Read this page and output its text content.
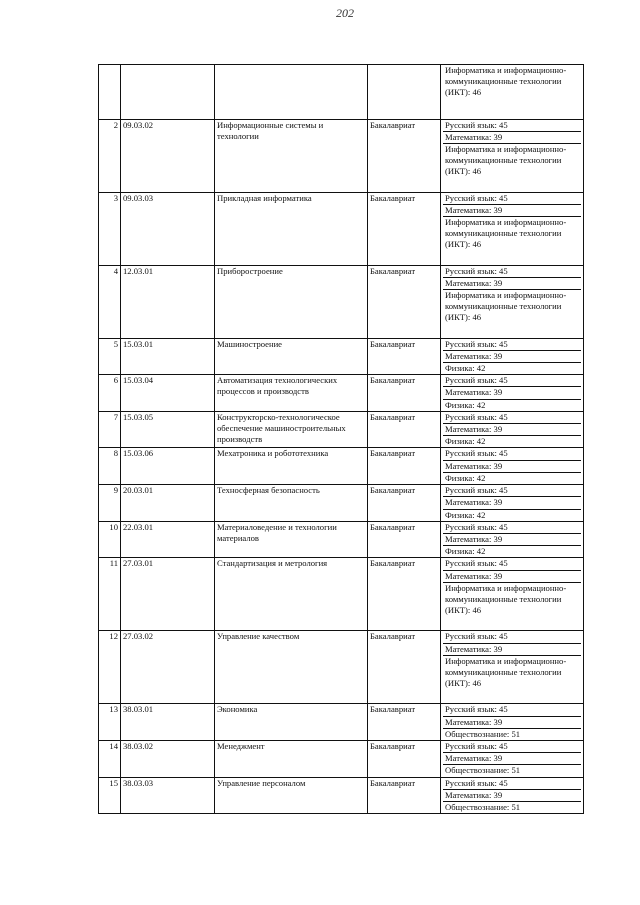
202

				Информатика и информационно-коммуникационные технологии (ИКТ): 46

2	09.03.02	Информационные системы и технологии	Бакалавриат	Русский язык: 45
Математика: 39
Информатика и информационно-коммуникационные технологии (ИКТ): 46

3	09.03.03	Прикладная информатика	Бакалавриат	Русский язык: 45
Математика: 39
Информатика и информационно-коммуникационные технологии (ИКТ): 46

4	12.03.01	Приборостроение	Бакалавриат	Русский язык: 45
Математика: 39
Информатика и информационно-коммуникационные технологии (ИКТ): 46

5	15.03.01	Машиностроение	Бакалавриат	Русский язык: 45
Математика: 39
Физика: 42

6	15.03.04	Автоматизация технологических процессов и производств	Бакалавриат	Русский язык: 45
Математика: 39
Физика: 42

7	15.03.05	Конструкторско-технологическое обеспечение машиностроительных производств	Бакалавриат	Русский язык: 45
Математика: 39
Физика: 42

8	15.03.06	Мехатроника и робототехника	Бакалавриат	Русский язык: 45
Математика: 39
Физика: 42

9	20.03.01	Техносферная безопасность	Бакалавриат	Русский язык: 45
Математика: 39
Физика: 42

10	22.03.01	Материаловедение и технологии материалов	Бакалавриат	Русский язык: 45
Математика: 39
Физика: 42

11	27.03.01	Стандартизация и метрология	Бакалавриат	Русский язык: 45
Математика: 39
Информатика и информационно-коммуникационные технологии (ИКТ): 46

12	27.03.02	Управление качеством	Бакалавриат	Русский язык: 45
Математика: 39
Информатика и информационно-коммуникационные технологии (ИКТ): 46

13	38.03.01	Экономика	Бакалавриат	Русский язык: 45
Математика: 39
Обществознание: 51

14	38.03.02	Менеджмент	Бакалавриат	Русский язык: 45
Математика: 39
Обществознание: 51

15	38.03.03	Управление персоналом	Бакалавриат	Русский язык: 45
Математика: 39
Обществознание: 51
